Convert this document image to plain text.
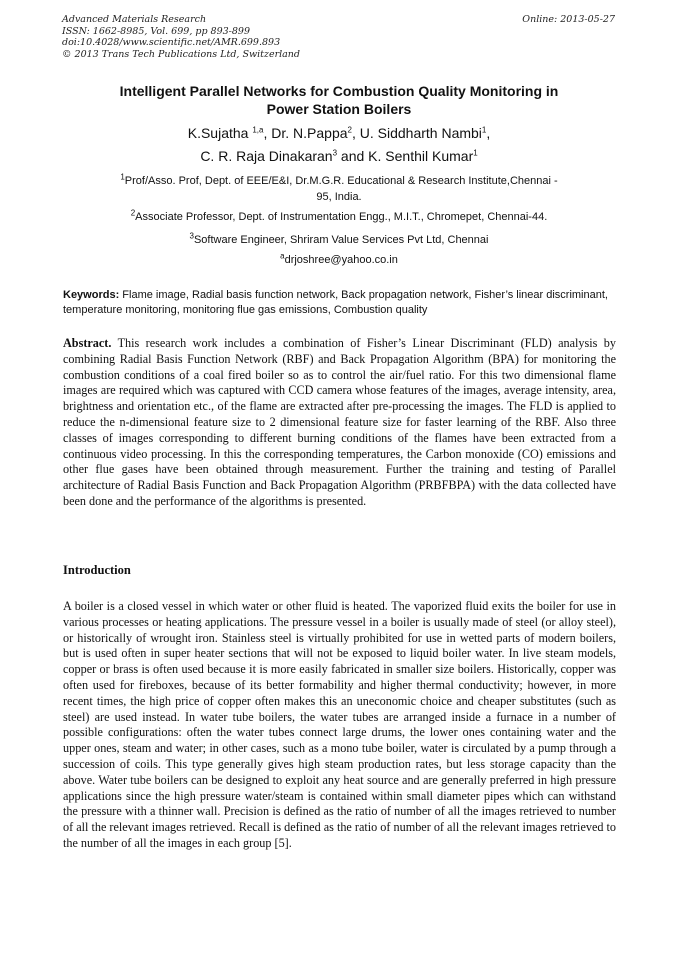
Advanced Materials Research
ISSN: 1662-8985, Vol. 699, pp 893-899
doi:10.4028/www.scientific.net/AMR.699.893
© 2013 Trans Tech Publications Ltd, Switzerland
Online: 2013-05-27
Intelligent Parallel Networks for Combustion Quality Monitoring in
Power Station Boilers
K.Sujatha $^{1,a}$, Dr. N.Pappa$^2$, U. Siddharth Nambi$^1$,
C. R. Raja Dinakaran$^3$ and K. Senthil Kumar$^1$
$^1$Prof/Asso. Prof, Dept. of EEE/E&I, Dr.M.G.R. Educational & Research Institute,Chennai -
95, India.
$^2$Associate Professor, Dept. of Instrumentation Engg., M.I.T., Chromepet, Chennai-44.
$^3$Software Engineer, Shriram Value Services Pvt Ltd, Chennai
$^a$drjoshree@yahoo.co.in
Keywords: Flame image, Radial basis function network, Back propagation network, Fisher’s linear discriminant, temperature monitoring, monitoring flue gas emissions, Combustion quality
Abstract. This research work includes a combination of Fisher’s Linear Discriminant (FLD) analysis by combining Radial Basis Function Network (RBF) and Back Propagation Algorithm (BPA) for monitoring the combustion conditions of a coal fired boiler so as to control the air/fuel ratio. For this two dimensional flame images are required which was captured with CCD camera whose features of the images, average intensity, area, brightness and orientation etc., of the flame are extracted after pre-processing the images. The FLD is applied to reduce the n-dimensional feature size to 2 dimensional feature size for faster learning of the RBF. Also three classes of images corresponding to different burning conditions of the flames have been extracted from a continuous video processing. In this the corresponding temperatures, the Carbon monoxide (CO) emissions and other flue gases have been obtained through measurement. Further the training and testing of Parallel architecture of Radial Basis Function and Back Propagation Algorithm (PRBFBPA) with the data collected have been done and the performance of the algorithms is presented.
Introduction
A boiler is a closed vessel in which water or other fluid is heated. The vaporized fluid exits the boiler for use in various processes or heating applications. The pressure vessel in a boiler is usually made of steel (or alloy steel), or historically of wrought iron. Stainless steel is virtually prohibited for use in wetted parts of modern boilers, but is used often in super heater sections that will not be exposed to liquid boiler water. In live steam models, copper or brass is often used because it is more easily fabricated in smaller size boilers. Historically, copper was often used for fireboxes, because of its better formability and higher thermal conductivity; however, in more recent times, the high price of copper often makes this an uneconomic choice and cheaper substitutes (such as steel) are used instead. In water tube boilers, the water tubes are arranged inside a furnace in a number of possible configurations: often the water tubes connect large drums, the lower ones containing water and the upper ones, steam and water; in other cases, such as a mono tube boiler, water is circulated by a pump through a succession of coils. This type generally gives high steam production rates, but less storage capacity than the above. Water tube boilers can be designed to exploit any heat source and are generally preferred in high pressure applications since the high pressure water/steam is contained within small diameter pipes which can withstand the pressure with a thinner wall. Precision is defined as the ratio of number of all the images retrieved to number of all the relevant images retrieved. Recall is defined as the ratio of number of all the relevant images retrieved to the number of all the images in each group [5].
